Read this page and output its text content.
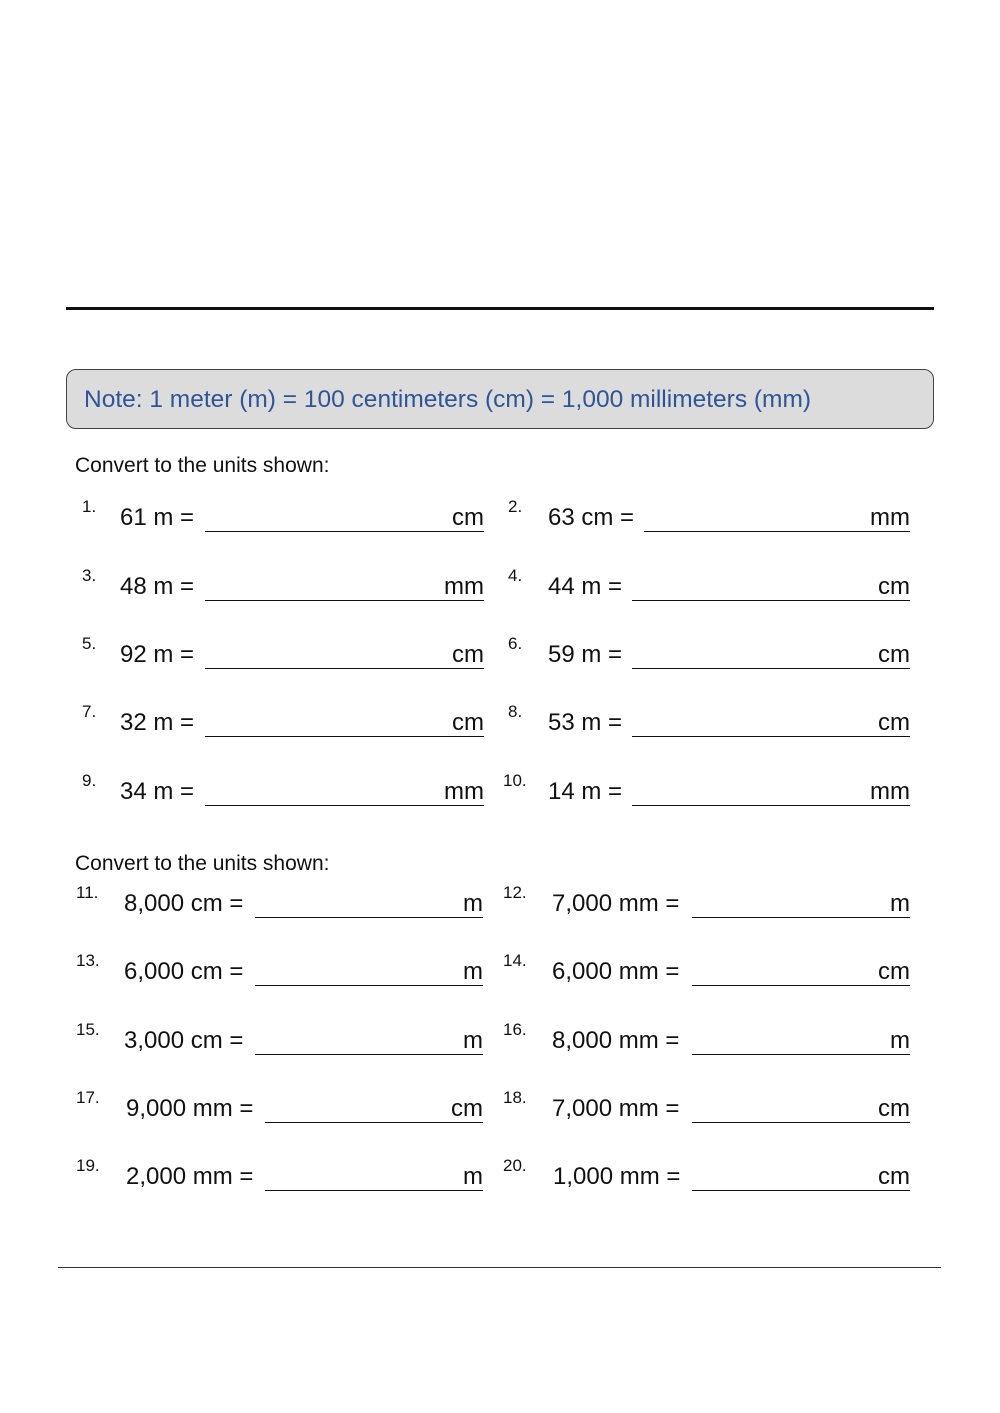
Note: 1 meter (m) = 100 centimeters (cm) = 1,000 millimeters (mm)
Convert to the units shown:
1. 61 m =	cm 2. 63 cm =	mm
3. 48 m =	mm 4. 44 m =	cm
5. 92 m =	cm 6. 59 m =	cm
7. 32 m =	cm 8. 53 m =	cm
9. 34 m =	mm 10. 14 m =	mm
Convert to the units shown:
11. 8,000 cm =	m 12. 7,000 mm =	m
13. 6,000 cm =	m 14. 6,000 mm =	cm
15. 3,000 cm =	m 16. 8,000 mm =	m
17. 9,000 mm =	cm 18. 7,000 mm =	cm
19. 2,000 mm =	m 20. 1,000 mm =	cm
